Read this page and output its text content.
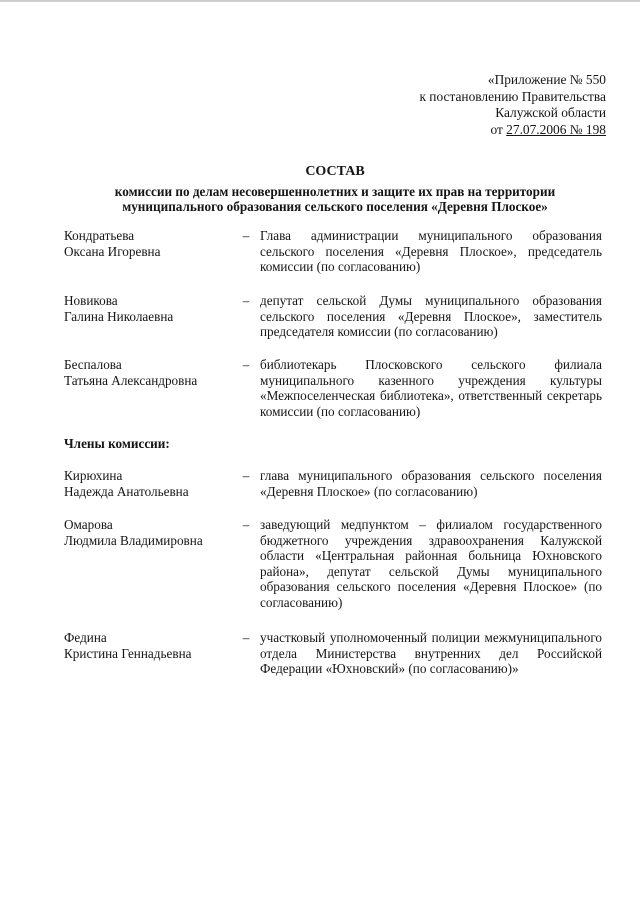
«Приложение № 550
к постановлению Правительства
Калужской области
от 27.07.2006 № 198
СОСТАВ
комиссии по делам несовершеннолетних и защите их прав на территории
муниципального образования сельского поселения «Деревня Плоское»
Кондратьева
Оксана Игоревна
– Глава администрации муниципального образования сельского поселения «Деревня Плоское», председатель комиссии (по согласованию)
Новикова
Галина Николаевна
– депутат сельской Думы муниципального образования сельского поселения «Деревня Плоское», заместитель председателя комиссии (по согласованию)
Беспалова
Татьяна Александровна
– библиотекарь Плосковского сельского филиала муниципального казенного учреждения культуры «Межпоселенческая библиотека», ответственный секретарь комиссии (по согласованию)
Члены комиссии:
Кирюхина
Надежда Анатольевна
– глава муниципального образования сельского поселения «Деревня Плоское» (по согласованию)
Омарова
Людмила Владимировна
– заведующий медпунктом – филиалом государственного бюджетного учреждения здравоохранения Калужской области «Центральная районная больница Юхновского района», депутат сельской Думы муниципального образования сельского поселения «Деревня Плоское» (по согласованию)
Федина
Кристина Геннадьевна
– участковый уполномоченный полиции межмуниципального отдела Министерства внутренних дел Российской Федерации «Юхновский» (по согласованию)»
